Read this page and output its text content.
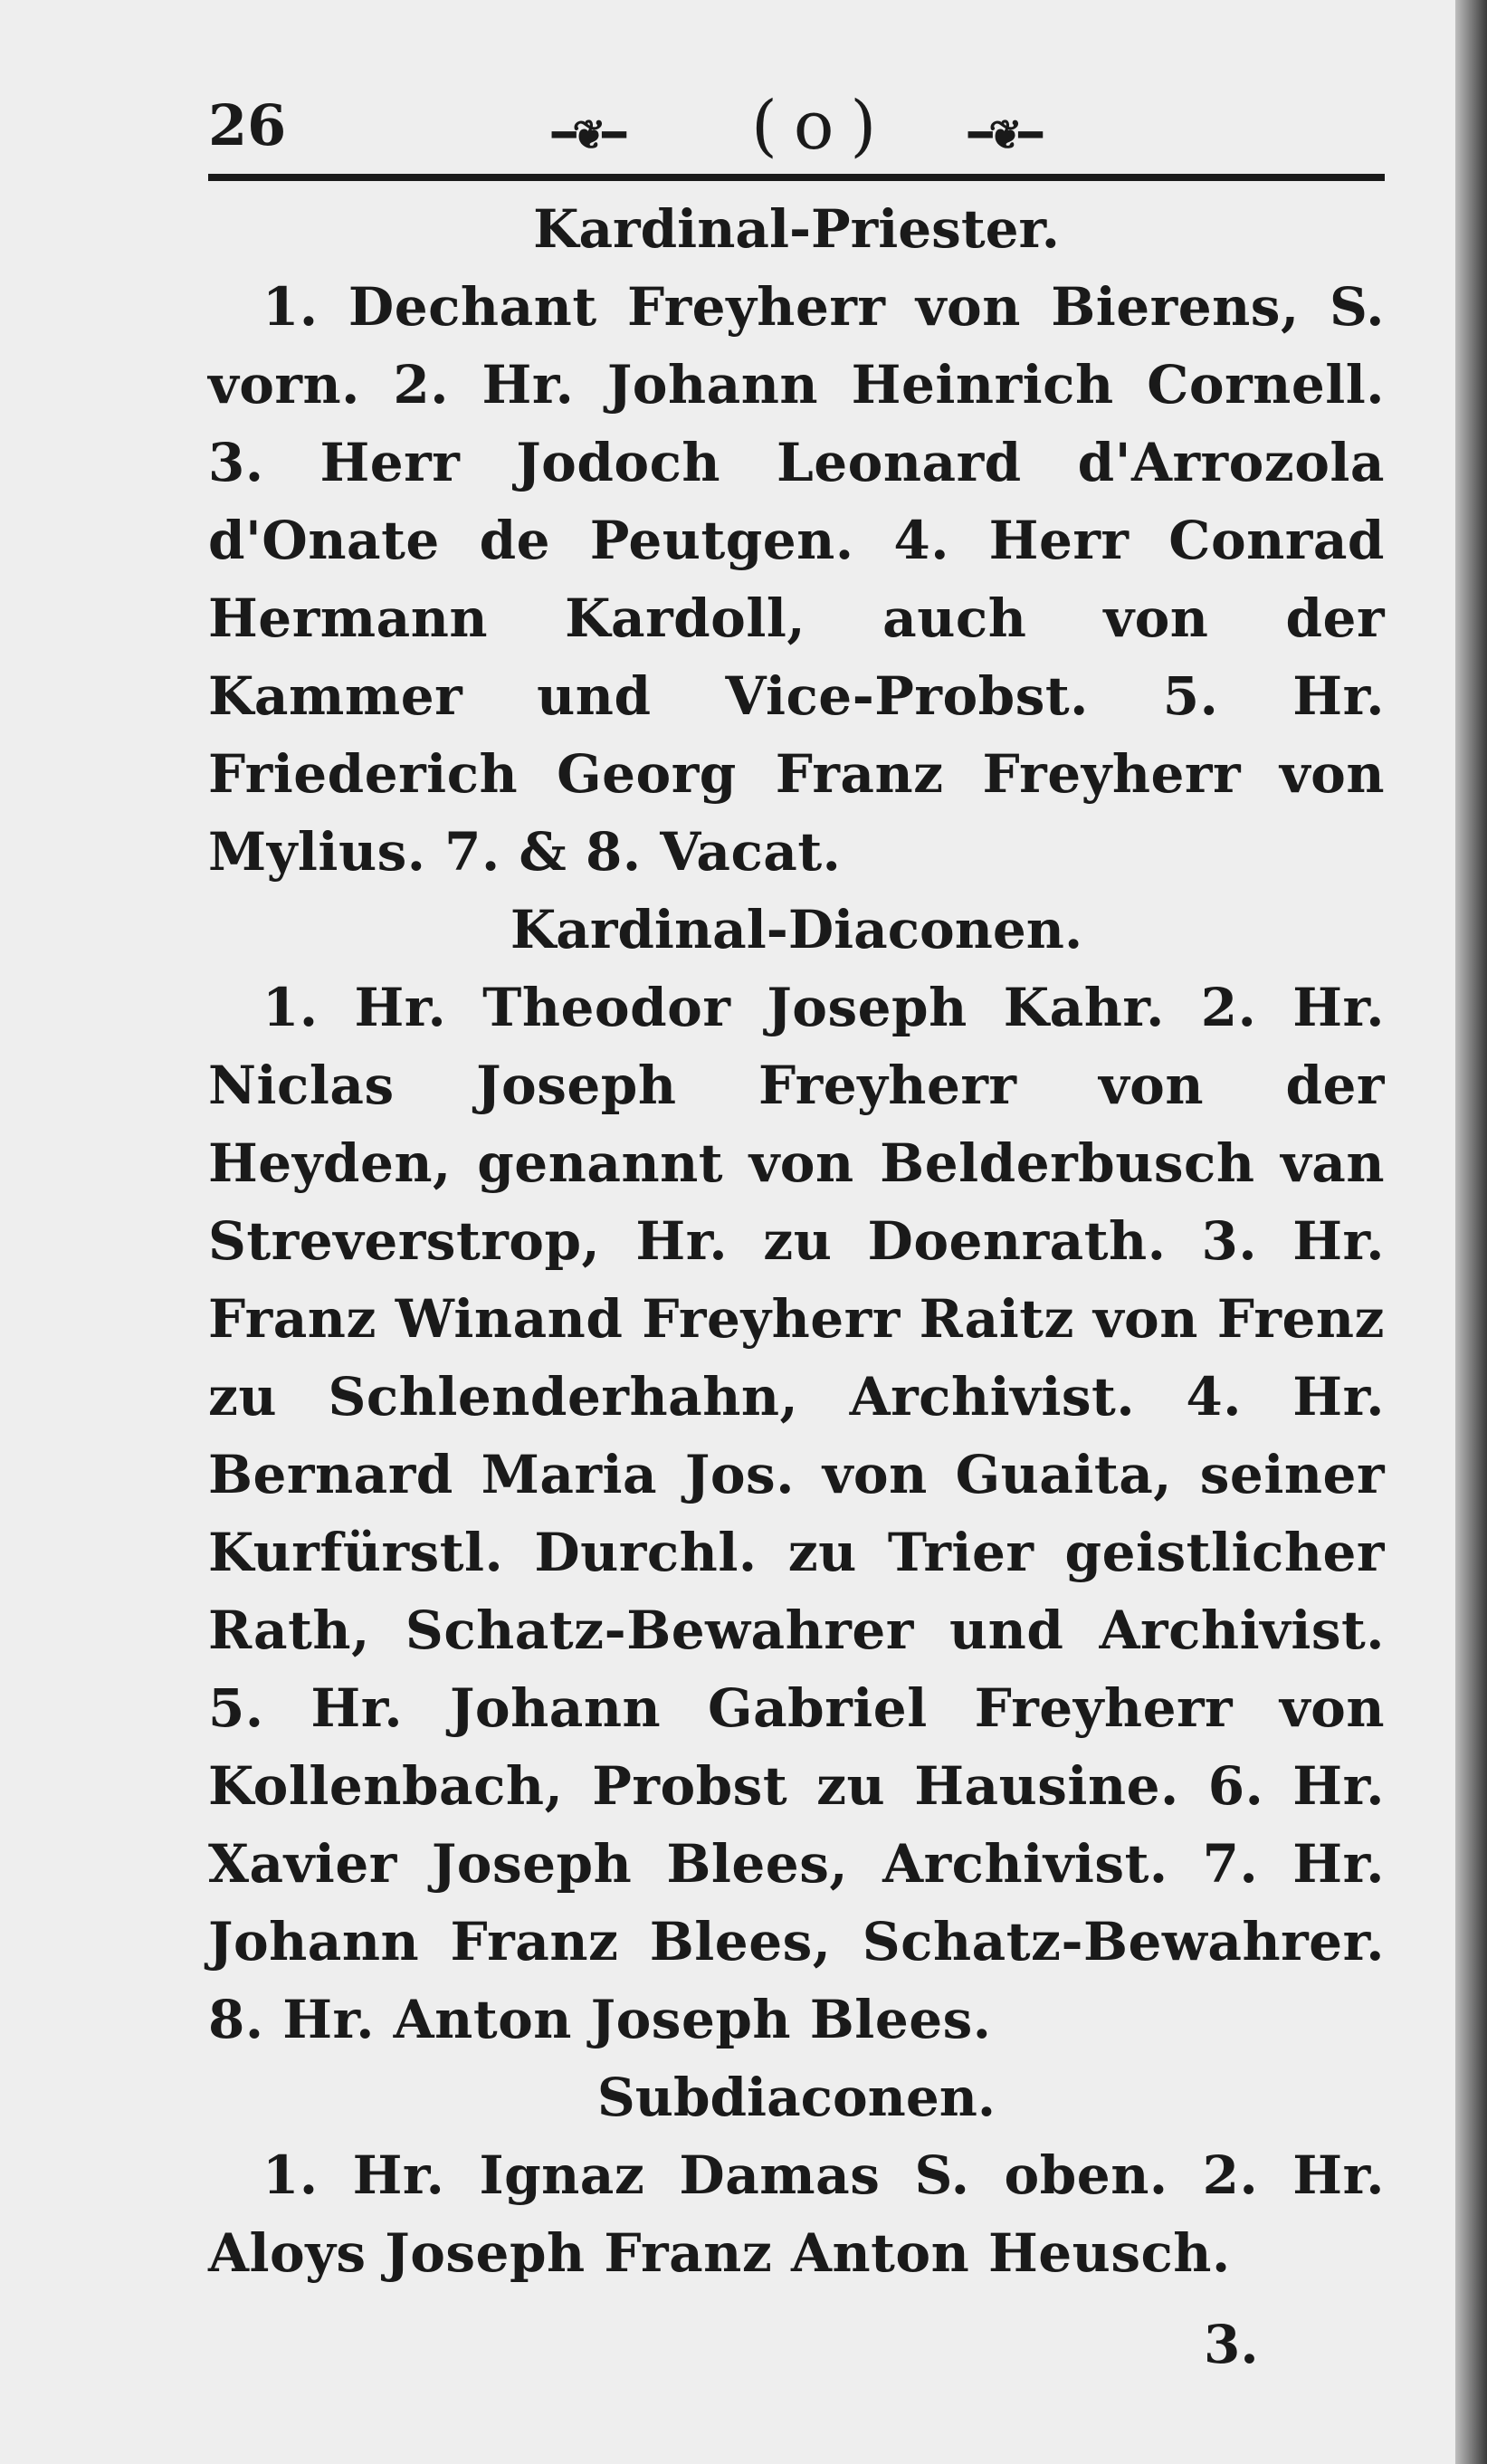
26	━❦━ (o) ━❦━

Kardinal-Priester.

1. Dechant Freyherr von Bierens, S. vorn. 2. Hr. Johann Heinrich Cornell. 3. Herr Jodoch Leonard d'Arrozola d'Onate de Peutgen. 4. Herr Conrad Hermann Kardoll, auch von der Kammer und Vice-Probst. 5. Hr. Friederich Georg Franz Freyherr von Mylius. 7. & 8. Vacat.

Kardinal-Diaconen.

1. Hr. Theodor Joseph Kahr. 2. Hr. Niclas Joseph Freyherr von der Heyden, genannt von Belderbusch van Streverstrop, Hr. zu Doenrath. 3. Hr. Franz Winand Freyherr Raitz von Frenz zu Schlenderhahn, Archivist. 4. Hr. Bernard Maria Jos. von Guaita, seiner Kurfürstl. Durchl. zu Trier geistlicher Rath, Schatz-Bewahrer und Archivist. 5. Hr. Johann Gabriel Freyherr von Kollenbach, Probst zu Hausine. 6. Hr. Xavier Joseph Blees, Archivist. 7. Hr. Johann Franz Blees, Schatz-Bewahrer. 8. Hr. Anton Joseph Blees.

Subdiaconen.

1. Hr. Ignaz Damas S. oben. 2. Hr. Aloys Joseph Franz Anton Heusch.

3.
